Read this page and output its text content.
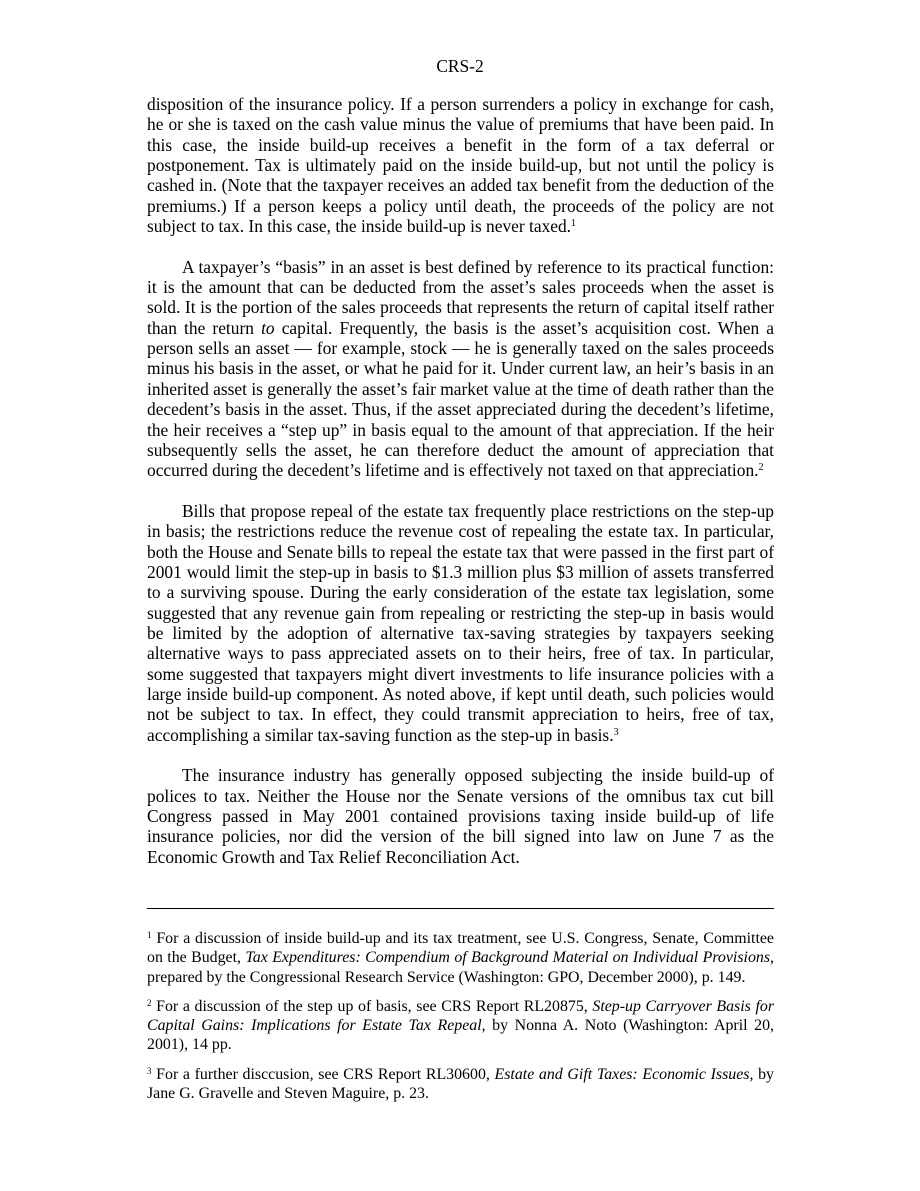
CRS-2

disposition of the insurance policy. If a person surrenders a policy in exchange for cash, he or she is taxed on the cash value minus the value of premiums that have been paid. In this case, the inside build-up receives a benefit in the form of a tax deferral or postponement. Tax is ultimately paid on the inside build-up, but not until the policy is cashed in. (Note that the taxpayer receives an added tax benefit from the deduction of the premiums.) If a person keeps a policy until death, the proceeds of the policy are not subject to tax. In this case, the inside build-up is never taxed.$^1$

A taxpayer’s “basis” in an asset is best defined by reference to its practical function: it is the amount that can be deducted from the asset’s sales proceeds when the asset is sold. It is the portion of the sales proceeds that represents the return of capital itself rather than the return to capital. Frequently, the basis is the asset’s acquisition cost. When a person sells an asset — for example, stock — he is generally taxed on the sales proceeds minus his basis in the asset, or what he paid for it. Under current law, an heir’s basis in an inherited asset is generally the asset’s fair market value at the time of death rather than the decedent’s basis in the asset. Thus, if the asset appreciated during the decedent’s lifetime, the heir receives a “step up” in basis equal to the amount of that appreciation. If the heir subsequently sells the asset, he can therefore deduct the amount of appreciation that occurred during the decedent’s lifetime and is effectively not taxed on that appreciation.$^2$

Bills that propose repeal of the estate tax frequently place restrictions on the step-up in basis; the restrictions reduce the revenue cost of repealing the estate tax. In particular, both the House and Senate bills to repeal the estate tax that were passed in the first part of 2001 would limit the step-up in basis to $1.3 million plus $3 million of assets transferred to a surviving spouse. During the early consideration of the estate tax legislation, some suggested that any revenue gain from repealing or restricting the step-up in basis would be limited by the adoption of alternative tax-saving strategies by taxpayers seeking alternative ways to pass appreciated assets on to their heirs, free of tax. In particular, some suggested that taxpayers might divert investments to life insurance policies with a large inside build-up component. As noted above, if kept until death, such policies would not be subject to tax. In effect, they could transmit appreciation to heirs, free of tax, accomplishing a similar tax-saving function as the step-up in basis.$^3$

The insurance industry has generally opposed subjecting the inside build-up of polices to tax. Neither the House nor the Senate versions of the omnibus tax cut bill Congress passed in May 2001 contained provisions taxing inside build-up of life insurance policies, nor did the version of the bill signed into law on June 7 as the Economic Growth and Tax Relief Reconciliation Act.

$^1$ For a discussion of inside build-up and its tax treatment, see U.S. Congress, Senate, Committee on the Budget, Tax Expenditures: Compendium of Background Material on Individual Provisions, prepared by the Congressional Research Service (Washington: GPO, December 2000), p. 149.

$^2$ For a discussion of the step up of basis, see CRS Report RL20875, Step-up Carryover Basis for Capital Gains: Implications for Estate Tax Repeal, by Nonna A. Noto (Washington: April 20, 2001), 14 pp.

$^3$ For a further disccusion, see CRS Report RL30600, Estate and Gift Taxes: Economic Issues, by Jane G. Gravelle and Steven Maguire, p. 23.
